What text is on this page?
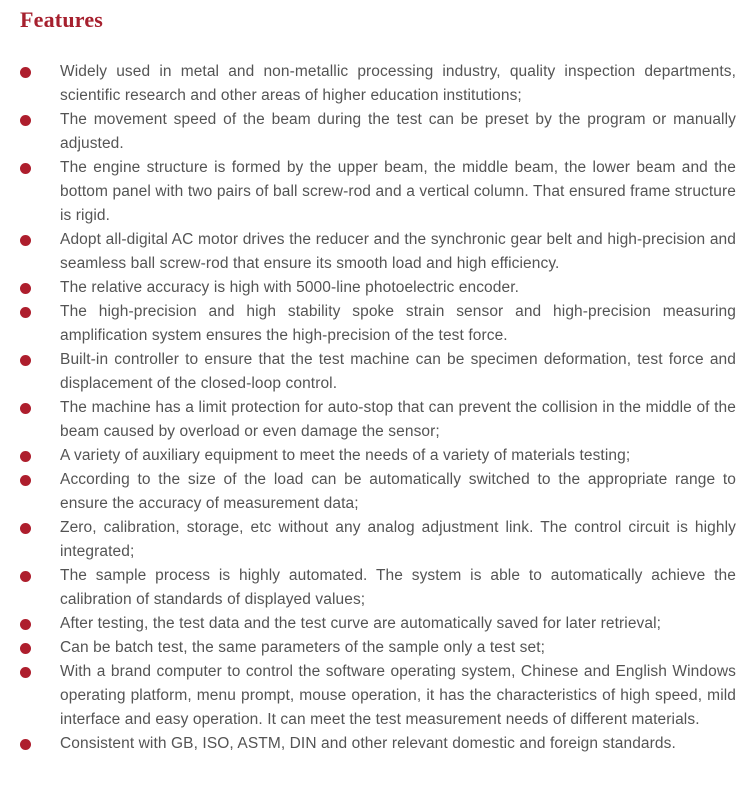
Features
Widely used in metal and non-metallic processing industry, quality inspection departments, scientific research and other areas of higher education institutions;
The movement speed of the beam during the test can be preset by the program or manually adjusted.
The engine structure is formed by the upper beam, the middle beam, the lower beam and the bottom panel with two pairs of ball screw-rod and a vertical column. That ensured frame structure is rigid.
Adopt all-digital AC motor drives the reducer and the synchronic gear belt and high-precision and seamless ball screw-rod that ensure its smooth load and high efficiency.
The relative accuracy is high with 5000-line photoelectric encoder.
The high-precision and high stability spoke strain sensor and high-precision measuring amplification system ensures the high-precision of the test force.
Built-in controller to ensure that the test machine can be specimen deformation, test force and displacement of the closed-loop control.
The machine has a limit protection for auto-stop that can prevent the collision in the middle of the beam caused by overload or even damage the sensor;
A variety of auxiliary equipment to meet the needs of a variety of materials testing;
According to the size of the load can be automatically switched to the appropriate range to ensure the accuracy of measurement data;
Zero, calibration, storage, etc without any analog adjustment link. The control circuit is highly integrated;
The sample process is highly automated. The system is able to automatically achieve the calibration of standards of displayed values;
After testing, the test data and the test curve are automatically saved for later retrieval;
Can be batch test, the same parameters of the sample only a test set;
With a brand computer to control the software operating system, Chinese and English Windows operating platform, menu prompt, mouse operation, it has the characteristics of high speed, mild interface and easy operation. It can meet the test measurement needs of different materials.
Consistent with GB, ISO, ASTM, DIN and other relevant domestic and foreign standards.
